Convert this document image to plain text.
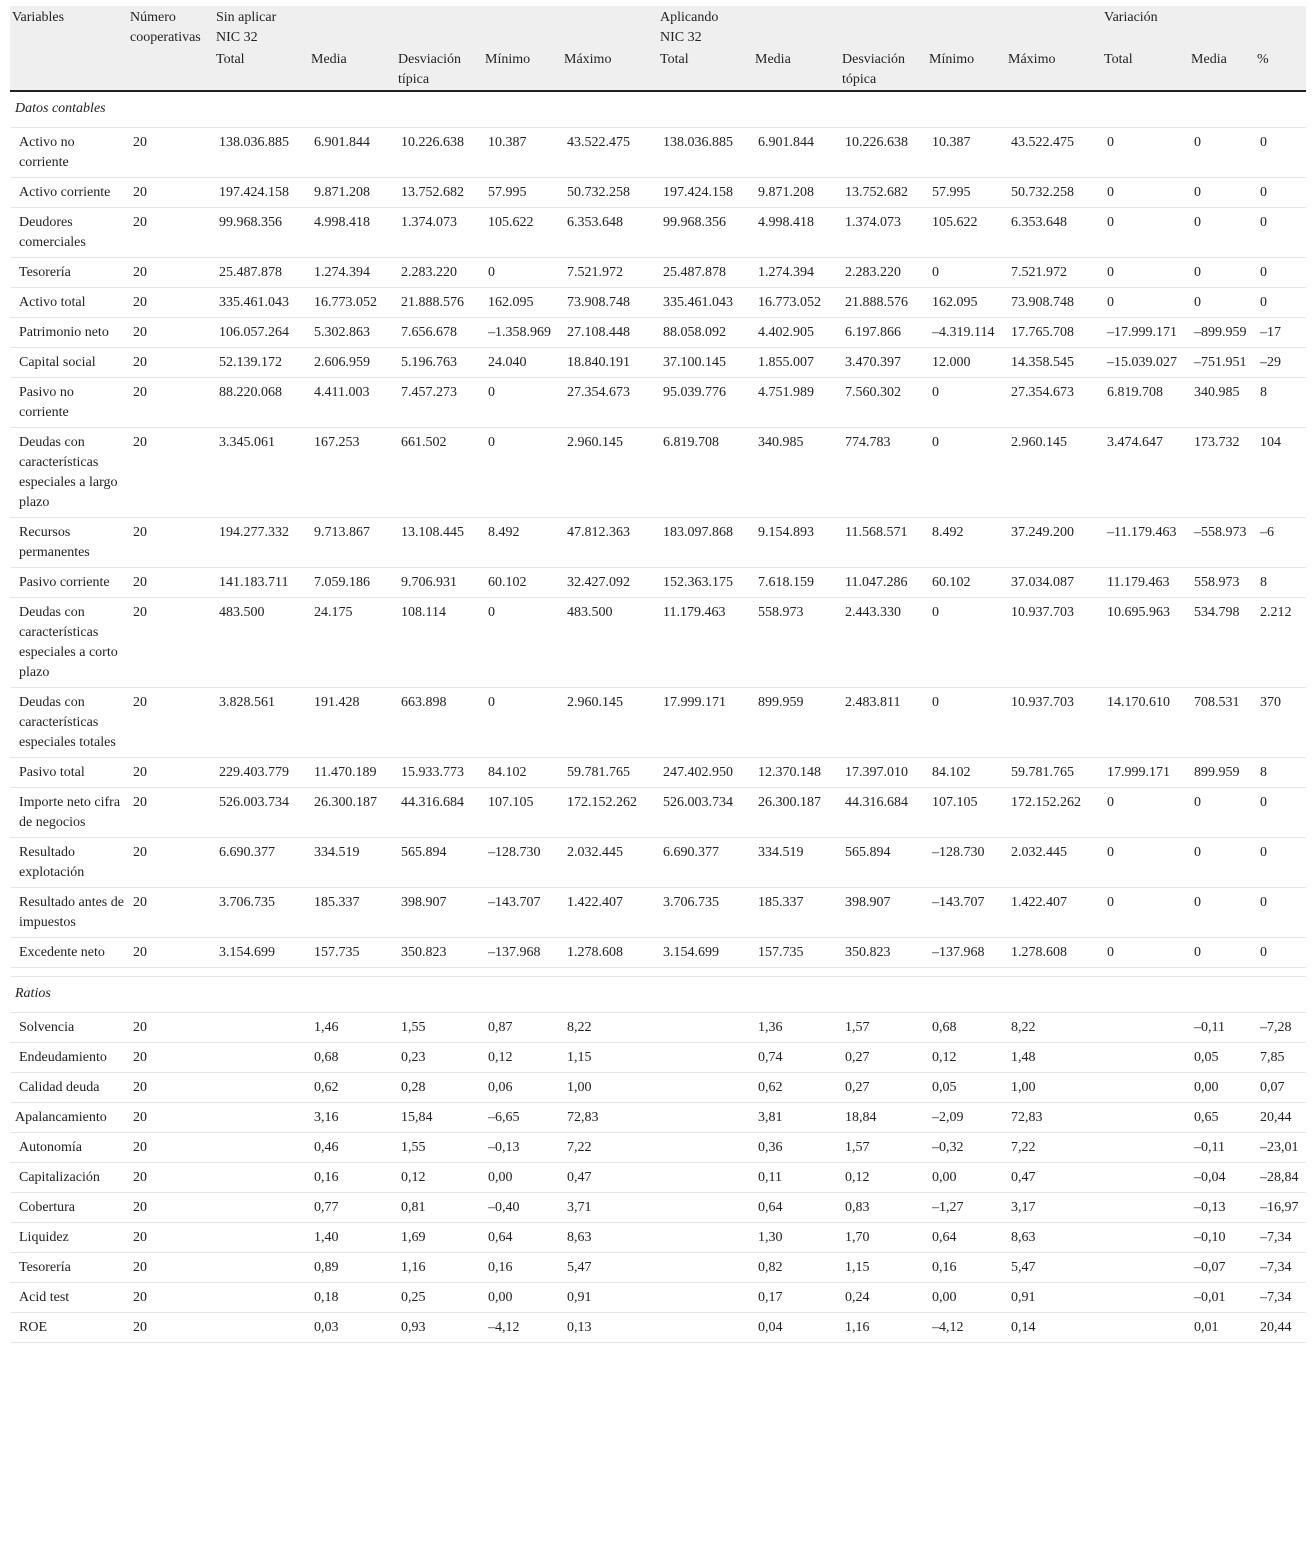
Variables	Número cooperativas	Sin aplicar NIC 32					Aplicando NIC 32					Variación		
		Total	Media	Desviación típica	Mínimo	Máximo	Total	Media	Desviación tópica	Mínimo	Máximo	Total	Media	%
Datos contables														
Activo no corriente	20	138.036.885	6.901.844	10.226.638	10.387	43.522.475	138.036.885	6.901.844	10.226.638	10.387	43.522.475	0	0	0
Activo corriente	20	197.424.158	9.871.208	13.752.682	57.995	50.732.258	197.424.158	9.871.208	13.752.682	57.995	50.732.258	0	0	0
Deudores comerciales	20	99.968.356	4.998.418	1.374.073	105.622	6.353.648	99.968.356	4.998.418	1.374.073	105.622	6.353.648	0	0	0
Tesorería	20	25.487.878	1.274.394	2.283.220	0	7.521.972	25.487.878	1.274.394	2.283.220	0	7.521.972	0	0	0
Activo total	20	335.461.043	16.773.052	21.888.576	162.095	73.908.748	335.461.043	16.773.052	21.888.576	162.095	73.908.748	0	0	0
Patrimonio neto	20	106.057.264	5.302.863	7.656.678	–1.358.969	27.108.448	88.058.092	4.402.905	6.197.866	–4.319.114	17.765.708	–17.999.171	–899.959	–17
Capital social	20	52.139.172	2.606.959	5.196.763	24.040	18.840.191	37.100.145	1.855.007	3.470.397	12.000	14.358.545	–15.039.027	–751.951	–29
Pasivo no corriente	20	88.220.068	4.411.003	7.457.273	0	27.354.673	95.039.776	4.751.989	7.560.302	0	27.354.673	6.819.708	340.985	8
Deudas con características especiales a largo plazo	20	3.345.061	167.253	661.502	0	2.960.145	6.819.708	340.985	774.783	0	2.960.145	3.474.647	173.732	104
Recursos permanentes	20	194.277.332	9.713.867	13.108.445	8.492	47.812.363	183.097.868	9.154.893	11.568.571	8.492	37.249.200	–11.179.463	–558.973	–6
Pasivo corriente	20	141.183.711	7.059.186	9.706.931	60.102	32.427.092	152.363.175	7.618.159	11.047.286	60.102	37.034.087	11.179.463	558.973	8
Deudas con características especiales a corto plazo	20	483.500	24.175	108.114	0	483.500	11.179.463	558.973	2.443.330	0	10.937.703	10.695.963	534.798	2.212
Deudas con características especiales totales	20	3.828.561	191.428	663.898	0	2.960.145	17.999.171	899.959	2.483.811	0	10.937.703	14.170.610	708.531	370
Pasivo total	20	229.403.779	11.470.189	15.933.773	84.102	59.781.765	247.402.950	12.370.148	17.397.010	84.102	59.781.765	17.999.171	899.959	8
Importe neto cifra de negocios	20	526.003.734	26.300.187	44.316.684	107.105	172.152.262	526.003.734	26.300.187	44.316.684	107.105	172.152.262	0	0	0
Resultado explotación	20	6.690.377	334.519	565.894	–128.730	2.032.445	6.690.377	334.519	565.894	–128.730	2.032.445	0	0	0
Resultado antes de impuestos	20	3.706.735	185.337	398.907	–143.707	1.422.407	3.706.735	185.337	398.907	–143.707	1.422.407	0	0	0
Excedente neto	20	3.154.699	157.735	350.823	–137.968	1.278.608	3.154.699	157.735	350.823	–137.968	1.278.608	0	0	0

Ratios														
Solvencia	20		1,46	1,55	0,87	8,22		1,36	1,57	0,68	8,22		–0,11	–7,28
Endeudamiento	20		0,68	0,23	0,12	1,15		0,74	0,27	0,12	1,48		0,05	7,85
Calidad deuda	20		0,62	0,28	0,06	1,00		0,62	0,27	0,05	1,00		0,00	0,07
Apalancamiento	20		3,16	15,84	–6,65	72,83		3,81	18,84	–2,09	72,83		0,65	20,44
Autonomía	20		0,46	1,55	–0,13	7,22		0,36	1,57	–0,32	7,22		–0,11	–23,01
Capitalización	20		0,16	0,12	0,00	0,47		0,11	0,12	0,00	0,47		–0,04	–28,84
Cobertura	20		0,77	0,81	–0,40	3,71		0,64	0,83	–1,27	3,17		–0,13	–16,97
Liquidez	20		1,40	1,69	0,64	8,63		1,30	1,70	0,64	8,63		–0,10	–7,34
Tesorería	20		0,89	1,16	0,16	5,47		0,82	1,15	0,16	5,47		–0,07	–7,34
Acid test	20		0,18	0,25	0,00	0,91		0,17	0,24	0,00	0,91		–0,01	–7,34
ROE	20		0,03	0,93	–4,12	0,13		0,04	1,16	–4,12	0,14		0,01	20,44
